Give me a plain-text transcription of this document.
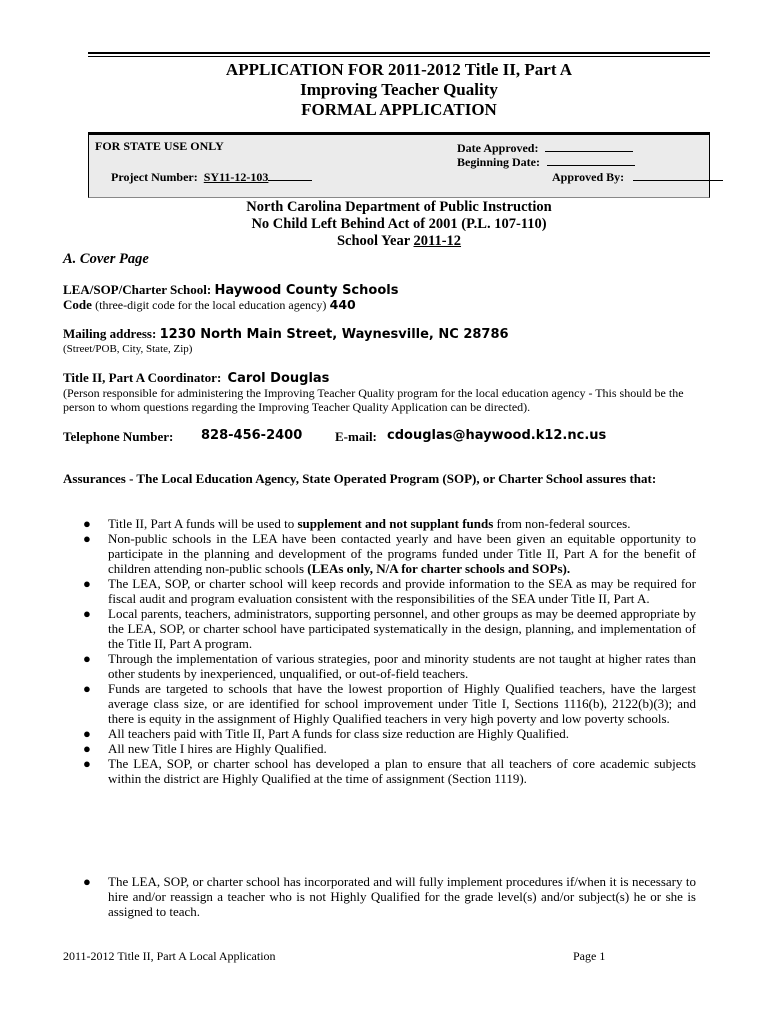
APPLICATION FOR 2011-2012 Title II, Part A
Improving Teacher Quality
FORMAL APPLICATION
FOR STATE USE ONLY	Date Approved:
Beginning Date:
Project Number: SY11-12-103	Approved By:
North Carolina Department of Public Instruction
No Child Left Behind Act of 2001 (P.L. 107-110)
School Year 2011-12
A. Cover Page
LEA/SOP/Charter School: Haywood County Schools
Code (three-digit code for the local education agency) 440
Mailing address: 1230 North Main Street, Waynesville, NC 28786
(Street/POB, City, State, Zip)
Title II, Part A Coordinator: Carol Douglas
(Person responsible for administering the Improving Teacher Quality program for the local education agency - This should be the person to whom questions regarding the Improving Teacher Quality Application can be directed).
Telephone Number: 828-456-2400	E-mail: cdouglas@haywood.k12.nc.us
Assurances - The Local Education Agency, State Operated Program (SOP), or Charter School assures that:
● Title II, Part A funds will be used to supplement and not supplant funds from non-federal sources.
● Non-public schools in the LEA have been contacted yearly and have been given an equitable opportunity to participate in the planning and development of the programs funded under Title II, Part A for the benefit of children attending non-public schools (LEAs only, N/A for charter schools and SOPs).
● The LEA, SOP, or charter school will keep records and provide information to the SEA as may be required for fiscal audit and program evaluation consistent with the responsibilities of the SEA under Title II, Part A.
● Local parents, teachers, administrators, supporting personnel, and other groups as may be deemed appropriate by the LEA, SOP, or charter school have participated systematically in the design, planning, and implementation of the Title II, Part A program.
● Through the implementation of various strategies, poor and minority students are not taught at higher rates than other students by inexperienced, unqualified, or out-of-field teachers.
● Funds are targeted to schools that have the lowest proportion of Highly Qualified teachers, have the largest average class size, or are identified for school improvement under Title I, Sections 1116(b), 2122(b)(3); and there is equity in the assignment of Highly Qualified teachers in very high poverty and low poverty schools.
● All teachers paid with Title II, Part A funds for class size reduction are Highly Qualified.
● All new Title I hires are Highly Qualified.
● The LEA, SOP, or charter school has developed a plan to ensure that all teachers of core academic subjects within the district are Highly Qualified at the time of assignment (Section 1119).
● The LEA, SOP, or charter school has incorporated and will fully implement procedures if/when it is necessary to hire and/or reassign a teacher who is not Highly Qualified for the grade level(s) and/or subject(s) he or she is assigned to teach.
2011-2012 Title II, Part A Local Application	Page 1
